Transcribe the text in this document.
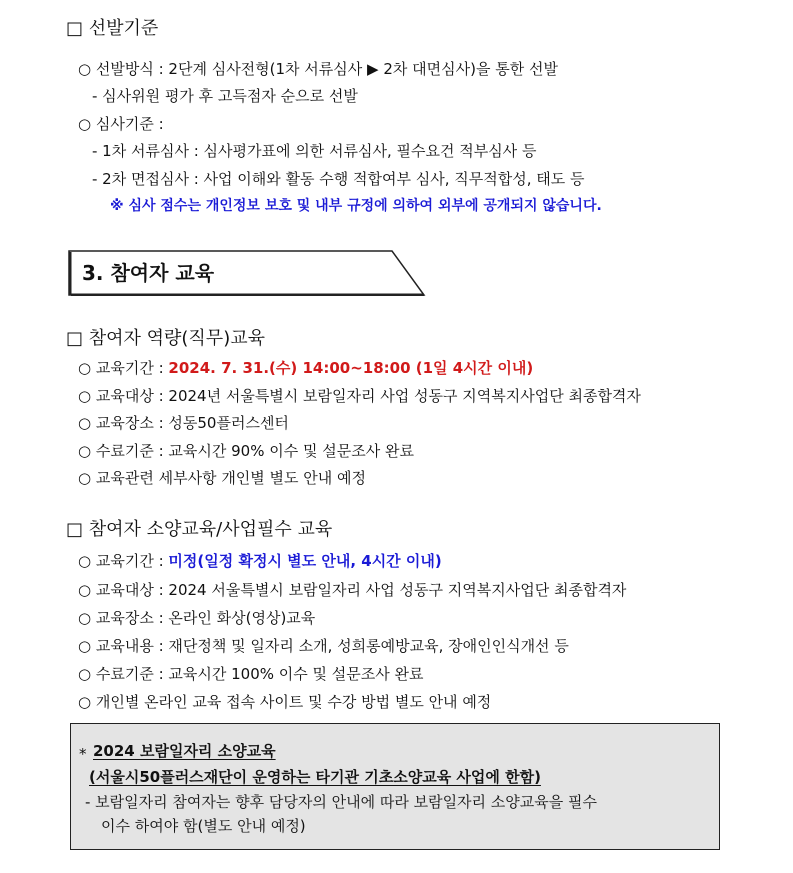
□ 선발기준
○ 선발방식 : 2단계 심사전형(1차 서류심사 ▶ 2차 대면심사)을 통한 선발
- 심사위원 평가 후 고득점자 순으로 선발
○ 심사기준 :
- 1차 서류심사 : 심사평가표에 의한 서류심사, 필수요건 적부심사 등
- 2차 면접심사 : 사업 이해와 활동 수행 적합여부 심사, 직무적합성, 태도 등
※ 심사 점수는 개인정보 보호 및 내부 규정에 의하여 외부에 공개되지 않습니다.
3. 참여자 교육
□ 참여자 역량(직무)교육
○ 교육기간 : 2024. 7. 31.(수) 14:00~18:00 (1일 4시간 이내)
○ 교육대상 : 2024년 서울특별시 보람일자리 사업 성동구 지역복지사업단 최종합격자
○ 교육장소 : 성동50플러스센터
○ 수료기준 : 교육시간 90% 이수 및 설문조사 완료
○ 교육관련 세부사항 개인별 별도 안내 예정
□ 참여자 소양교육/사업필수 교육
○ 교육기간 : 미정(일정 확정시 별도 안내, 4시간 이내)
○ 교육대상 : 2024 서울특별시 보람일자리 사업 성동구 지역복지사업단 최종합격자
○ 교육장소 : 온라인 화상(영상)교육
○ 교육내용 : 재단정책 및 일자리 소개, 성희롱예방교육, 장애인인식개선 등
○ 수료기준 : 교육시간 100% 이수 및 설문조사 완료
○ 개인별 온라인 교육 접속 사이트 및 수강 방법 별도 안내 예정
* 2024 보람일자리 소양교육
(서울시50플러스재단이 운영하는 타기관 기초소양교육 사업에 한함)
- 보람일자리 참여자는 향후 담당자의 안내에 따라 보람일자리 소양교육을 필수
이수 하여야 함(별도 안내 예정)
